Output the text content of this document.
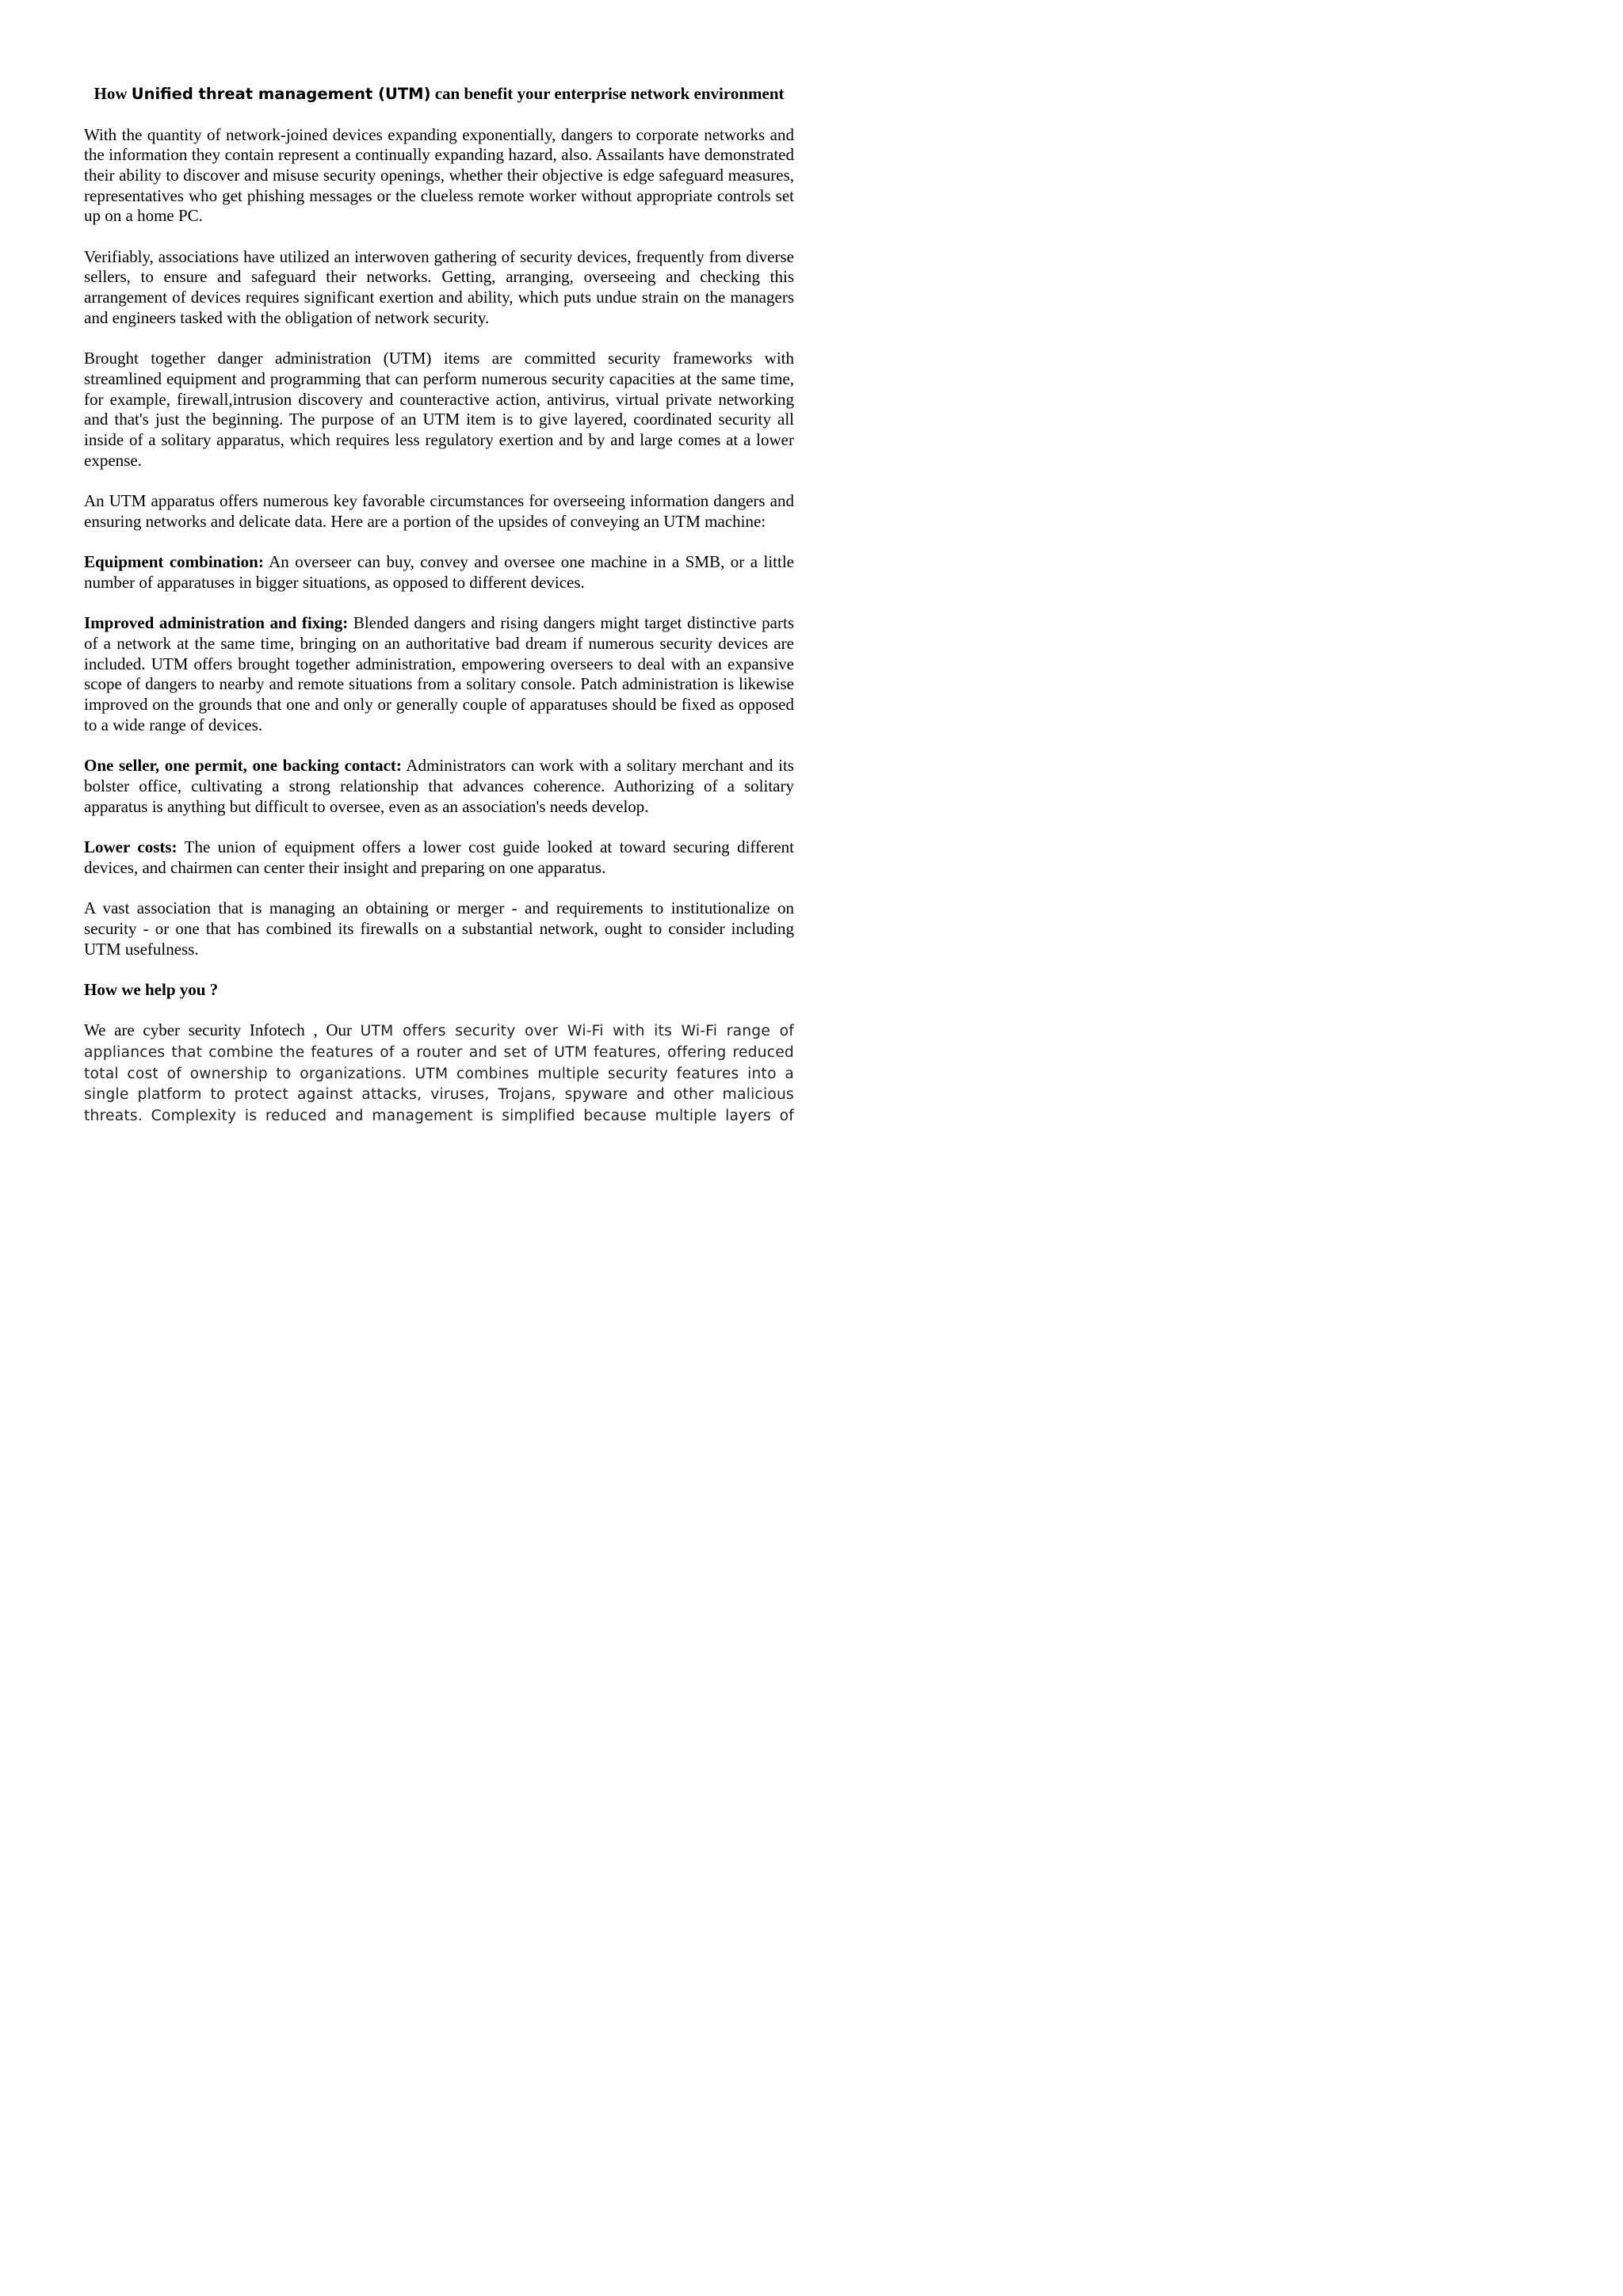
How Unified threat management (UTM) can benefit your enterprise network environment

With the quantity of network-joined devices expanding exponentially, dangers to corporate networks and the information they contain represent a continually expanding hazard, also. Assailants have demonstrated their ability to discover and misuse security openings, whether their objective is edge safeguard measures, representatives who get phishing messages or the clueless remote worker without appropriate controls set up on a home PC.

Verifiably, associations have utilized an interwoven gathering of security devices, frequently from diverse sellers, to ensure and safeguard their networks. Getting, arranging, overseeing and checking this arrangement of devices requires significant exertion and ability, which puts undue strain on the managers and engineers tasked with the obligation of network security.

Brought together danger administration (UTM) items are committed security frameworks with streamlined equipment and programming that can perform numerous security capacities at the same time, for example, firewall,intrusion discovery and counteractive action, antivirus, virtual private networking and that's just the beginning. The purpose of an UTM item is to give layered, coordinated security all inside of a solitary apparatus, which requires less regulatory exertion and by and large comes at a lower expense.

An UTM apparatus offers numerous key favorable circumstances for overseeing information dangers and ensuring networks and delicate data. Here are a portion of the upsides of conveying an UTM machine:

Equipment combination: An overseer can buy, convey and oversee one machine in a SMB, or a little number of apparatuses in bigger situations, as opposed to different devices.

Improved administration and fixing: Blended dangers and rising dangers might target distinctive parts of a network at the same time, bringing on an authoritative bad dream if numerous security devices are included. UTM offers brought together administration, empowering overseers to deal with an expansive scope of dangers to nearby and remote situations from a solitary console. Patch administration is likewise improved on the grounds that one and only or generally couple of apparatuses should be fixed as opposed to a wide range of devices.

One seller, one permit, one backing contact: Administrators can work with a solitary merchant and its bolster office, cultivating a strong relationship that advances coherence. Authorizing of a solitary apparatus is anything but difficult to oversee, even as an association's needs develop.

Lower costs: The union of equipment offers a lower cost guide looked at toward securing different devices, and chairmen can center their insight and preparing on one apparatus.

A vast association that is managing an obtaining or merger - and requirements to institutionalize on security - or one that has combined its firewalls on a substantial network, ought to consider including UTM usefulness.

How we help you ?

We are cyber security Infotech , Our UTM offers security over Wi-Fi with its Wi-Fi range of appliances that combine the features of a router and set of UTM features, offering reduced total cost of ownership to organizations. UTM combines multiple security features into a single platform to protect against attacks, viruses, Trojans, spyware and other malicious threats. Complexity is reduced and management is simplified because multiple layers of
